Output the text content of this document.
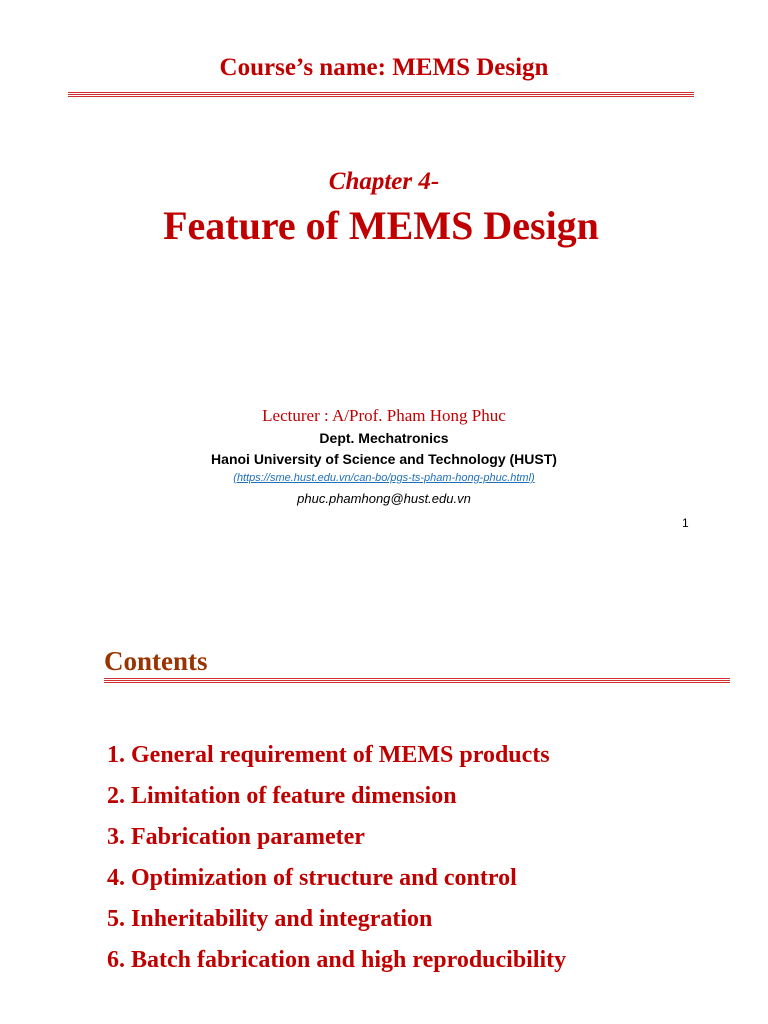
Course’s name: MEMS Design
Chapter 4-
Feature of MEMS Design
Lecturer : A/Prof. Pham Hong Phuc
Dept. Mechatronics
Hanoi University of Science and Technology (HUST)
(https://sme.hust.edu.vn/can-bo/pgs-ts-pham-hong-phuc.html)
phuc.phamhong@hust.edu.vn
1
Contents
1. General requirement of MEMS products
2. Limitation of feature dimension
3. Fabrication parameter
4. Optimization of structure and control
5. Inheritability and integration
6. Batch fabrication and high reproducibility
